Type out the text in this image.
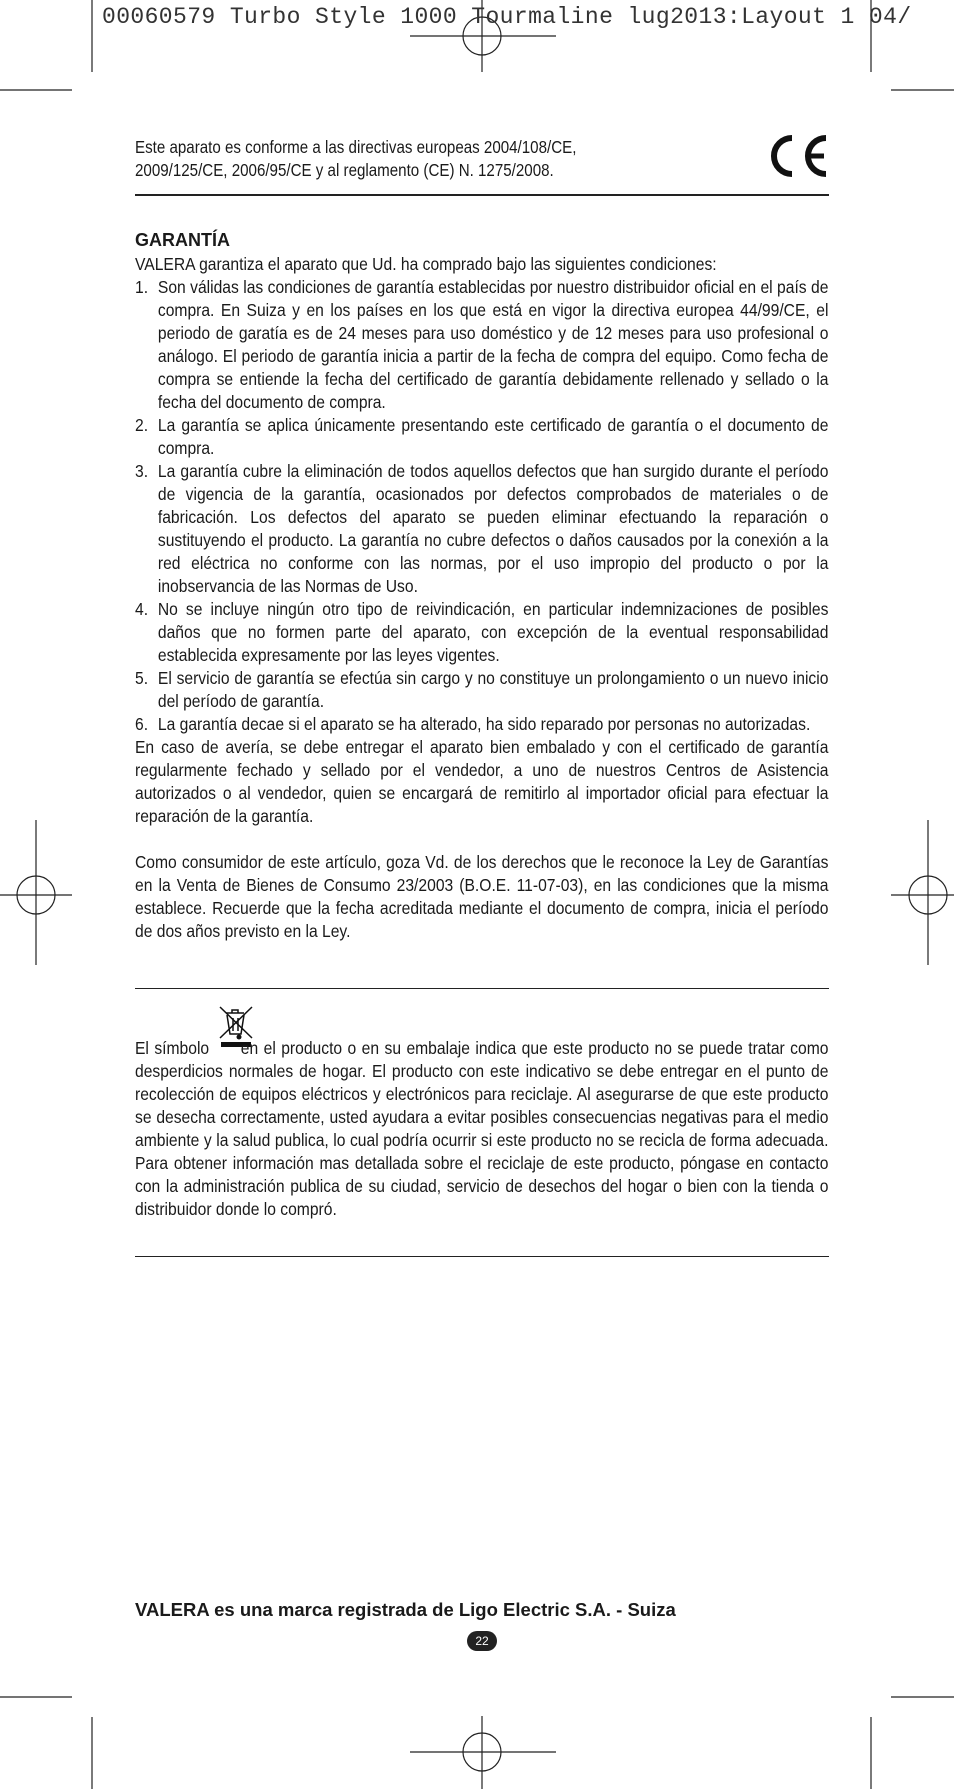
00060579 Turbo Style 1000 Tourmaline lug2013:Layout 1 04/
Este aparato es conforme a las directivas europeas 2004/108/CE,
2009/125/CE, 2006/95/CE y al reglamento (CE) N. 1275/2008.
GARANTÍA

VALERA garantiza el aparato que Ud. ha comprado bajo las siguientes condiciones:

1. Son válidas las condiciones de garantía establecidas por nuestro distribuidor oficial en el país de compra. En Suiza y en los países en los que está en vigor la directiva europea 44/99/CE, el periodo de garatía es de 24 meses para uso doméstico y de 12 meses para uso profesional o análogo. El periodo de garantía inicia a partir de la fecha de compra del equipo. Como fecha de compra se entiende la fecha del certificado de garantía debidamente rellenado y sellado o la fecha del documento de compra.
2. La garantía se aplica únicamente presentando este certificado de garantía o el documento de compra.
3. La garantía cubre la eliminación de todos aquellos defectos que han surgido durante el período de vigencia de la garantía, ocasionados por defectos comprobados de materiales o de fabricación. Los defectos del aparato se pueden eliminar efectuando la reparación o sustituyendo el producto. La garantía no cubre defectos o daños causados por la conexión a la red eléctrica no conforme con las normas, por el uso impropio del producto o por la inobservancia de las Normas de Uso.
4. No se incluye ningún otro tipo de reivindicación, en particular indemnizaciones de posibles daños que no formen parte del aparato, con excepción de la eventual responsabilidad establecida expresamente por las leyes vigentes.
5. El servicio de garantía se efectúa sin cargo y no constituye un prolongamiento o un nuevo inicio del período de garantía.
6. La garantía decae si el aparato se ha alterado, ha sido reparado por personas no autorizadas.

En caso de avería, se debe entregar el aparato bien embalado y con el certificado de garantía regularmente fechado y sellado por el vendedor, a uno de nuestros Centros de Asistencia autorizados o al vendedor, quien se encargará de remitirlo al importador oficial para efectuar la reparación de la garantía.

Como consumidor de este artículo, goza Vd. de los derechos que le reconoce la Ley de Garantías en la Venta de Bienes de Consumo 23/2003 (B.O.E. 11-07-03), en las condiciones que la misma establece. Recuerde que la fecha acreditada mediante el documento de compra, inicia el período de dos años previsto en la Ley.

El símbolo en el producto o en su embalaje indica que este producto no se puede tratar como desperdicios normales de hogar. El producto con este indicativo se debe entregar en el punto de recolección de equipos eléctricos y electrónicos para reciclaje. Al asegurarse de que este producto se desecha correctamente, usted ayudara a evitar posibles consecuencias negativas para el medio ambiente y la salud publica, lo cual podría ocurrir si este producto no se recicla de forma adecuada. Para obtener información mas detallada sobre el reciclaje de este producto, póngase en contacto con la administración publica de su ciudad, servicio de desechos del hogar o bien con la tienda o distribuidor donde lo compró.

VALERA es una marca registrada de Ligo Electric S.A. - Suiza
22
